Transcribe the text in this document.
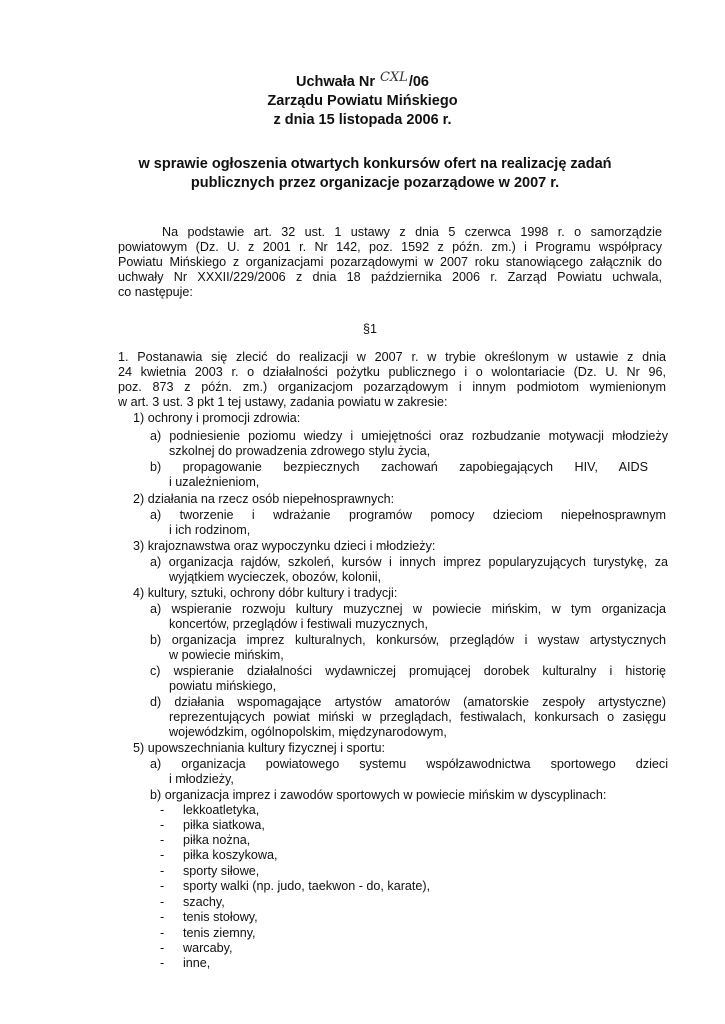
Uchwała Nr CXL/06
Zarządu Powiatu Mińskiego
z dnia 15 listopada 2006 r.
w sprawie ogłoszenia otwartych konkursów ofert na realizację zadań
publicznych przez organizacje pozarządowe w 2007 r.
Na podstawie art. 32 ust. 1 ustawy z dnia 5 czerwca 1998 r. o samorządzie
powiatowym (Dz. U. z 2001 r. Nr 142, poz. 1592 z późn. zm.) i Programu współpracy
Powiatu Mińskiego z organizacjami pozarządowymi w 2007 roku stanowiącego załącznik do
uchwały Nr XXXII/229/2006 z dnia 18 października 2006 r. Zarząd Powiatu uchwala,
co następuje:
§1
1. Postanawia się zlecić do realizacji w 2007 r. w trybie określonym w ustawie z dnia
24 kwietnia 2003 r. o działalności pożytku publicznego i o wolontariacie (Dz. U. Nr 96,
poz. 873 z późn. zm.) organizacjom pozarządowym i innym podmiotom wymienionym
w art. 3 ust. 3 pkt 1 tej ustawy, zadania powiatu w zakresie:
1) ochrony i promocji zdrowia:
a) podniesienie poziomu wiedzy i umiejętności oraz rozbudzanie motywacji młodzieży
szkolnej do prowadzenia zdrowego stylu życia,
b) propagowanie bezpiecznych zachowań zapobiegających HIV, AIDS
i uzależnieniom,
2) działania na rzecz osób niepełnosprawnych:
a) tworzenie i wdrażanie programów pomocy dzieciom niepełnosprawnym
i ich rodzinom,
3) krajoznawstwa oraz wypoczynku dzieci i młodzieży:
a) organizacja rajdów, szkoleń, kursów i innych imprez popularyzujących turystykę, za
wyjątkiem wycieczek, obozów, kolonii,
4) kultury, sztuki, ochrony dóbr kultury i tradycji:
a) wspieranie rozwoju kultury muzycznej w powiecie mińskim, w tym organizacja
koncertów, przeglądów i festiwali muzycznych,
b) organizacja imprez kulturalnych, konkursów, przeglądów i wystaw artystycznych
w powiecie mińskim,
c) wspieranie działalności wydawniczej promującej dorobek kulturalny i historię
powiatu mińskiego,
d) działania wspomagające artystów amatorów (amatorskie zespoły artystyczne)
reprezentujących powiat miński w przeglądach, festiwalach, konkursach o zasięgu
wojewódzkim, ogólnopolskim, międzynarodowym,
5) upowszechniania kultury fizycznej i sportu:
a) organizacja powiatowego systemu współzawodnictwa sportowego dzieci
i młodzieży,
b) organizacja imprez i zawodów sportowych w powiecie mińskim w dyscyplinach:
- lekkoatletyka,
- piłka siatkowa,
- piłka nożna,
- piłka koszykowa,
- sporty siłowe,
- sporty walki (np. judo, taekwon - do, karate),
- szachy,
- tenis stołowy,
- tenis ziemny,
- warcaby,
- inne,
